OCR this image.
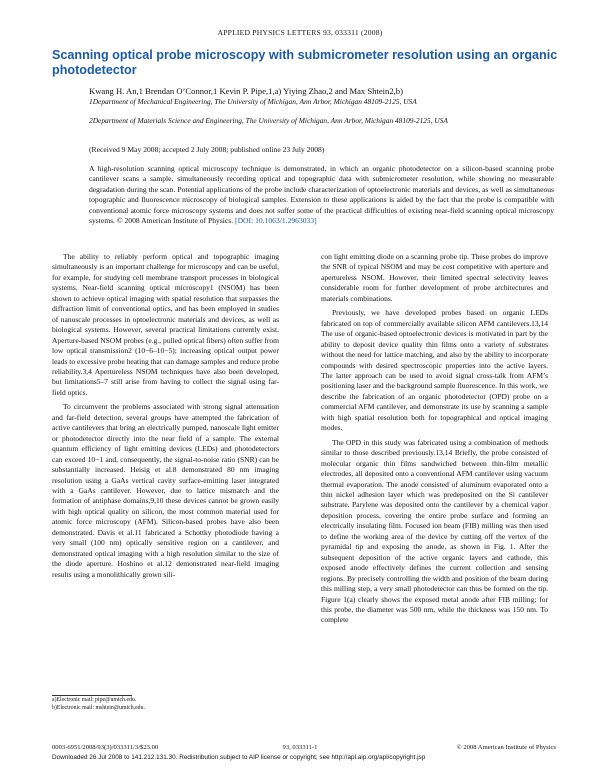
APPLIED PHYSICS LETTERS 93, 033311 (2008)
Scanning optical probe microscopy with submicrometer resolution using an organic photodetector
Kwang H. An,1 Brendan O’Connor,1 Kevin P. Pipe,1,a) Yiying Zhao,2 and Max Shtein2,b)
1Department of Mechanical Engineering, The University of Michigan, Ann Arbor, Michigan 48109-2125, USA
2Department of Materials Science and Engineering, The University of Michigan, Ann Arbor, Michigan 48109-2125, USA
(Received 9 May 2008; accepted 2 July 2008; published online 23 July 2008)
A high-resolution scanning optical microscopy technique is demonstrated, in which an organic photodetector on a silicon-based scanning probe cantilever scans a sample, simultaneously recording optical and topographic data with submicrometer resolution, while showing no measurable degradation during the scan. Potential applications of the probe include characterization of optoelectronic materials and devices, as well as simultaneous topographic and fluorescence microscopy of biological samples. Extension to these applications is aided by the fact that the probe is compatible with conventional atomic force microscopy systems and does not suffer some of the practical difficulties of existing near-field scanning optical microscopy systems. © 2008 American Institute of Physics. [DOI: 10.1063/1.2963033]

The ability to reliably perform optical and topographic imaging simultaneously is an important challenge for microscopy and can be useful, for example, for studying cell membrane transport processes in biological systems. Near-field scanning optical microscopy1 (NSOM) has been shown to achieve optical imaging with spatial resolution that surpasses the diffraction limit of conventional optics, and has been employed in studies of nanoscale processes in optoelectronic materials and devices, as well as biological systems. However, several practical limitations currently exist. Aperture-based NSOM probes (e.g., pulled optical fibers) often suffer from low optical transmission2 (10−6–10−5); increasing optical output power leads to excessive probe heating that can damage samples and reduce probe reliability.3,4 Apertureless NSOM techniques have also been developed, but limitations5–7 still arise from having to collect the signal using far-field optics.

To circumvent the problems associated with strong signal attenuation and far-field detection, several groups have attempted the fabrication of active cantilevers that bring an electrically pumped, nanoscale light emitter or photodetector directly into the near field of a sample. The external quantum efficiency of light emitting devices (LEDs) and photodetectors can exceed 10−1 and, consequently, the signal-to-noise ratio (SNR) can be substantially increased. Heisig et al.8 demonstrated 80 nm imaging resolution using a GaAs vertical cavity surface-emitting laser integrated with a GaAs cantilever. However, due to lattice mismatch and the formation of antiphase domains,9,10 these devices cannot be grown easily with high optical quality on silicon, the most common material used for atomic force microscopy (AFM). Silicon-based probes have also been demonstrated. Davis et al.11 fabricated a Schottky photodiode having a very small (100 nm) optically sensitive region on a cantilever, and demonstrated optical imaging with a high resolution similar to the size of the diode aperture. Hoshino et al.12 demonstrated near-field imaging results using a monolithically grown sili-

con light emitting diode on a scanning probe tip. These probes do improve the SNR of typical NSOM and may be cost competitive with aperture and apertureless NSOM. However, their limited spectral selectivity leaves considerable room for further development of probe architectures and materials combinations.

Previously, we have developed probes based on organic LEDs fabricated on top of commercially available silicon AFM cantilevers.13,14 The use of organic-based optoelectronic devices is motivated in part by the ability to deposit device quality thin films onto a variety of substrates without the need for lattice matching, and also by the ability to incorporate compounds with desired spectroscopic properties into the active layers. The latter approach can be used to avoid signal cross-talk from AFM’s positioning laser and the background sample fluorescence. In this work, we describe the fabrication of an organic photodetector (OPD) probe on a commercial AFM cantilever, and demonstrate its use by scanning a sample with high spatial resolution both for topographical and optical imaging modes.

The OPD in this study was fabricated using a combination of methods similar to those described previously.13,14 Briefly, the probe consisted of molecular organic thin films sandwiched between thin-film metallic electrodes, all deposited onto a conventional AFM cantilever using vacuum thermal evaporation. The anode consisted of aluminum evaporated onto a thin nickel adhesion layer which was predeposited on the Si cantilever substrate. Parylene was deposited onto the cantilever by a chemical vapor deposition process, covering the entire probe surface and forming an electrically insulating film. Focused ion beam (FIB) milling was then used to define the working area of the device by cutting off the vertex of the pyramidal tip and exposing the anode, as shown in Fig. 1. After the subsequent deposition of the active organic layers and cathode, this exposed anode effectively defines the current collection and sensing regions. By precisely controlling the width and position of the beam during this milling step, a very small photodetector can thus be formed on the tip. Figure 1(a) clearly shows the exposed metal anode after FIB milling; for this probe, the diameter was 500 nm, while the thickness was 150 nm. To complete

a)Electronic mail: pipe@umich.edu.
b)Electronic mail: mshtein@umich.edu.
0003-6951/2008/93(3)/033311/3/$23.00	93, 033311-1	© 2008 American Institute of Physics
Downloaded 26 Jul 2008 to 141.212.131.30. Redistribution subject to AIP license or copyright; see http://apl.aip.org/apl/copyright.jsp
